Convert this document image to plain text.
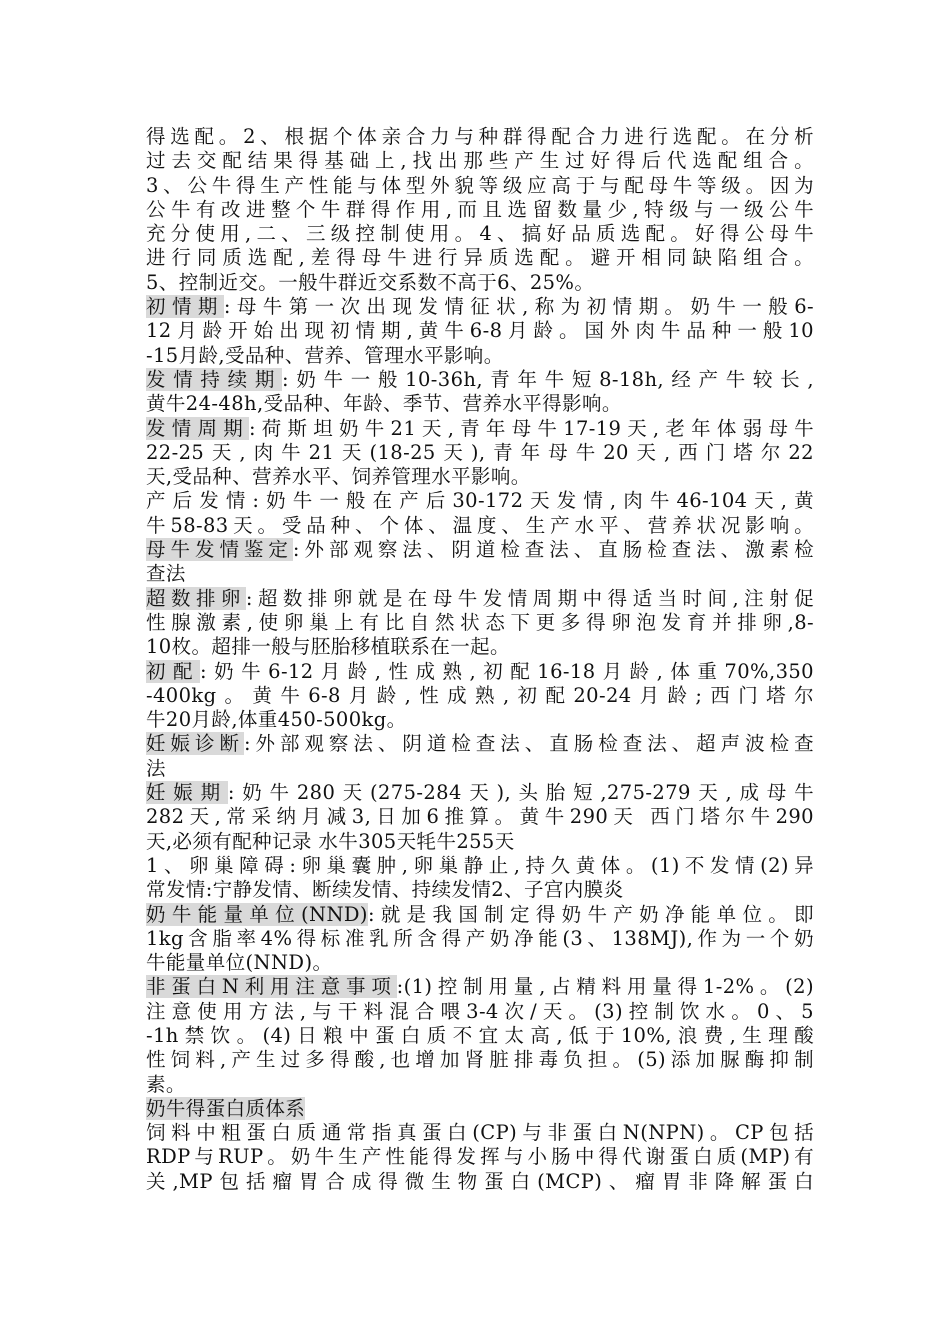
得选配。2、根据个体亲合力与种群得配合力进行选配。在分析
过去交配结果得基础上,找出那些产生过好得后代选配组合。
3、公牛得生产性能与体型外貌等级应高于与配母牛等级。因为
公牛有改进整个牛群得作用,而且选留数量少,特级与一级公牛
充分使用,二、三级控制使用。4、搞好品质选配。好得公母牛
进行同质选配,差得母牛进行异质选配。避开相同缺陷组合。
5、控制近交。一般牛群近交系数不高于6、25%。
初情期:母牛第一次出现发情征状,称为初情期。奶牛一般6-
12月龄开始出现初情期,黄牛6-8月龄。国外肉牛品种一般10
-15月龄,受品种、营养、管理水平影响。
发情持续期:奶牛一般10-36h,青年牛短8-18h,经产牛较长,
黄牛24-48h,受品种、年龄、季节、营养水平得影响。
发情周期:荷斯坦奶牛21天,青年母牛17-19天,老年体弱母牛
22-25天,肉牛21天(18-25天),青年母牛20天,西门塔尔22
天,受品种、营养水平、饲养管理水平影响。
产后发情:奶牛一般在产后30-172天发情,肉牛46-104天,黄
牛58-83天。受品种、个体、温度、生产水平、营养状况影响。
母牛发情鉴定:外部观察法、阴道检查法、直肠检查法、激素检
查法
超数排卵:超数排卵就是在母牛发情周期中得适当时间,注射促
性腺激素,使卵巢上有比自然状态下更多得卵泡发育并排卵,8-
10枚。超排一般与胚胎移植联系在一起。
初配:奶牛6-12月龄,性成熟,初配16-18月龄,体重70%,350
-400kg。黄牛6-8月龄,性成熟,初配20-24月龄;西门塔尔
牛20月龄,体重450-500kg。
妊娠诊断:外部观察法、阴道检查法、直肠检查法、超声波检查
法
妊娠期:奶牛280天(275-284天),头胎短,275-279天,成母牛
282天,常采纳月减3,日加6推算。黄牛290天 西门塔尔牛290
天,必须有配种记录 水牛305天牦牛255天
1、卵巢障碍:卵巢囊肿,卵巢静止,持久黄体。(1)不发情(2)异
常发情:宁静发情、断续发情、持续发情2、子宫内膜炎
奶牛能量单位(NND):就是我国制定得奶牛产奶净能单位。即
1kg含脂率4%得标准乳所含得产奶净能(3、138MJ),作为一个奶
牛能量单位(NND)。
非蛋白N利用注意事项:(1)控制用量,占精料用量得1-2%。(2)
注意使用方法,与干料混合喂3-4次/天。(3)控制饮水。0、5
-1h禁饮。(4)日粮中蛋白质不宜太高,低于10%,浪费,生理酸
性饲料,产生过多得酸,也增加肾脏排毒负担。(5)添加脲酶抑制
素。
奶牛得蛋白质体系
饲料中粗蛋白质通常指真蛋白(CP)与非蛋白N(NPN)。CP包括
RDP与RUP。奶牛生产性能得发挥与小肠中得代谢蛋白质(MP)有
关,MP包括瘤胃合成得微生物蛋白(MCP)、瘤胃非降解蛋白
